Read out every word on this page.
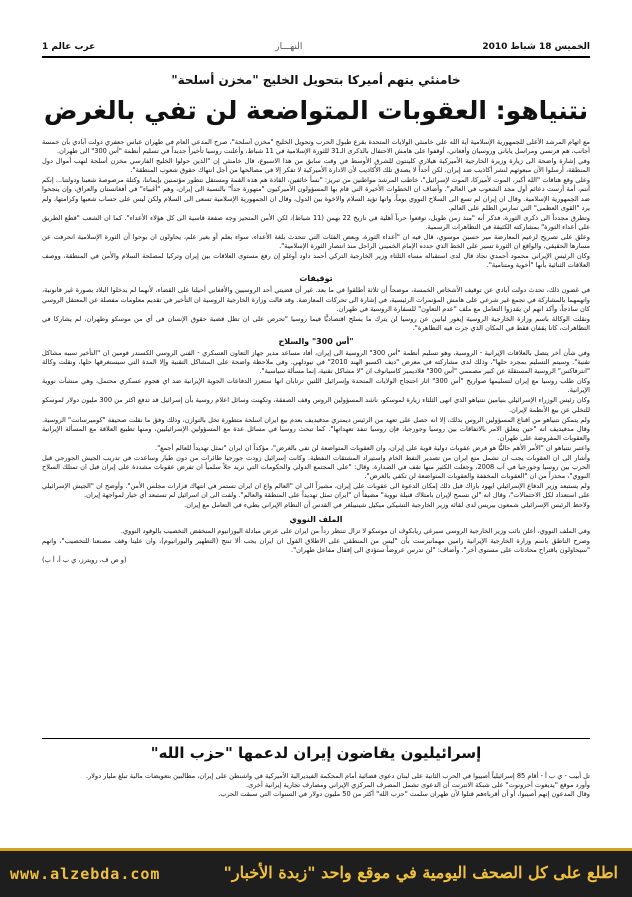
الخميس 18 شباط 2010
النهـــار
عرب عالم 1
خامنئي يتهم أميركا بتحويل الخليج "مخزن أسلحة"
نتنياهو: العقوبات المتواضعة لن تفي بالغرض

مع اتهام المرشد الأعلى للجمهورية الإسلامية آية الله علي خامنئي الولايات المتحدة بقرع طبول الحرب وتحويل الخليج "مخزن أسلحة"، صرح المدعي العام في طهران عباس جعفري دولت آبادي بأن خمسة أجانب، هم فرنسي ومراسل ياباني وروسيان وأفغاني، أوقفوا على هامش الاحتفال بالذكرى الـ31 للثورة الإسلامية في 11 شباط، وأعلنت روسيا تأخيراً جديداً في تسليم أنظمة "أس 300" الى طهران.

وفي إشارة واضحة الى زيارة وزيرة الخارجية الأميركية هيلاري كلينتون للشرق الأوسط في وقت سابق من هذا الاسبوع، قال خامنئي إن "الذين حولوا الخليج الفارسي مخزن أسلحة لنهب أموال دول المنطقة، أرسلوا الآن مبعوثهم لنشر أكاذيب ضد إيران. لكن أحداً لا يصدق تلك الأكاذيب لأن الادارة الأميركية لا تفكر إلا في مصالحها من أجل انتهاك حقوق شعوب المنطقة".

وعلى وقع هتافات "الله أكبر، الموت لأميركا، الموت لإسرائيل"، خاطب المرشد مواطنين من تبريز: "نسأ خائفين، القادة هم هذه القمة ومستقل نتطور مؤتمنين بإيماننا، وكتلة مرصوصة شعبنا ودولتنا... إنكم أنتم، أمة أرست دعائم أول مجد الشعوب في العالم". وأضاف ان الخطوات الأخيرة التي قام بها المسؤولون الأميركيون "متهورة جداً" بالنسبة الى إيران، وهم "أغبياء" في أفغانستان والعراق، وإن ينجحوا ضد الجمهورية الإسلامية. وقال ان إيران لم تسع الى السلاح النووي يوماً، وانها تؤيد السلام والاخوة بين الدول، وقال ان الجمهورية الإسلامية تسعى الى السلام ولكن ليس على حساب شعبها وكرامتها، ولم يرد "القوى العظمى" التي تمارس الظلم على العالم.

وتطرق مجدداً الى ذكرى الثورة، فذكر أنه "منذ زمن طويل، توقعوا حرباً أهلية في تاريخ 22 بهمن (11 شباط)، لكن الأمن المتحيز وجه صفعة قاسية الى كل هؤلاء الأعداء". كما ان الشعب "قطع الطريق على أعداء الثورة" بمشاركته الكثيفة في التظاهرات الرسمية.

وعلق على تصريح لزعيم المعارضة مير حسين موسوي، قال فيه ان "أعداء الثورة، وبعض الفئات التي تتحدث بلغة الأعداء، سواء بعلم أو بغير علم، يحاولون ان يوحوا أن الثورة الإسلامية انحرفت عن مسارها الحقيقي، والواقع ان الثورة تسير على الخط الذي حدده الإمام الخميني الراحل منذ انتصار الثورة الإسلامية".

وكان الرئيس الإيراني محمود أحمدي نجاد قال لدى استقباله مساء الثلثاء وزير الخارجية التركي أحمد داود أوغلو إن رفع مستوى العلاقات بين إيران وتركيا لمصلحة السلام والأمن في المنطقة، ووصف العلاقات الثنائية بأنها "أخوية ومتنامية".

توقيفات

في غضون ذلك، تحدث دولت آبادي عن توقيف الأشخاص الخمسة، موضحاً أن ثلاثة أطلقوا في ما بعد. غير أن قضيتي أحد الروسيين والأفغاني أحيلتا على القضاء، لأنهما لم يدخلوا البلاد بصورة غير قانونية، واتهمهما بالمشاركة في تجمع غير شرعي على هامش المؤتمرات الرئيسية، في إشارة الى تحركات المعارضة. وقد قالت وزارة الخارجية الروسية ان التأخير في تقديم معلومات مفصلة عن المعتقل الروسي كان ساذجاً، وأكد انهم لن يقدروا التعامل مع ملف "عدم التعاون" للسفارة الروسية في طهران.

ونقلت الوكالة باسم وزارة الخارجية الروسية إيغور ليابين عن روسيا لن يترك ما يسلح اقتصاديًّا فيما روسيا "تحرص على ان تظل قضية حقوق الإنسان في أي من موسكو وطهران، لم يشاركا في التظاهرات، كانا يقفان فقط في المكان الذي جرت فيه التظاهرة".

"أس 300" والسلاح

وفي شأن آخر يتصل بالعلاقات الإيرانية - الروسية، وهو تسليم أنظمة "أس 300" الروسية الى إيران، أفاد مساعد مدير جهاز التعاون العسكري - الفني الروسي الكسندر فومين ان "التأخير سببه مشاكل تقنية". وسيتم التسليم بمجرد حلها"، وذلك لدى مشاركته في معرض "ديف اكسبو الهند 2010" في نيودلهي. وفي ملاحظة واضحة على المشاكل التقنية وإلا المدة التي سيستغرقها حلها، ونقلت وكالة "انترفاكس" الروسية المستقلة عن كبير مصممي "أس 300" قلاديمير كاسيانوف ان "لا مشاكل تقنية، إنما مسألة سياسية".

وكان طلب روسيا مع إيران لتسليمها صواريخ "أس 300" اثار احتجاج الولايات المتحدة وإسرائيل اللتين ترتابان انها ستعزز الدفاعات الجوية الإيرانية ضد اي هجوم عسكري محتمل، وهي منشآت نووية الإيرانية.

وكان رئيس الوزراء الإسرائيلي بنيامين نتنياهو الذي انهى الثلثاء زيارة لموسكو، ناشد المسؤولين الروس وقف الصفقة، وتكهنت وسائل اعلام روسية بأن إسرائيل قد تدفع اكثر من 300 مليون دولار لموسكو للتخلي عن بيع الأنظمة لإيران.

ولم يتمكن نتنياهو من اقناع المسؤولين الروس بذلك، إلا انه حصل على تعهد من الرئيس ديمتري مدفيديف بعدم بيع ايران اسلحة متطورة تخل بالتوازن، وذلك وفق ما نقلت صحيفة "كوميرسانت" الروسية. وقال مدفيديف انه "حين يتعلق الامر بالاتفاقات بين روسيا وجورجيا، فإن روسيا تنفذ تعهداتها". كما تبحث روسيا في مسائل عدة مع المسؤولين الإسرائيليين، ومنها تطبيع العلاقة مع المسألة الإيرانية والعقوبات المفروضة على طهران.

واعتبر نتنياهو ان "الأمر الأهم حاليًّا هو فرض عقوبات دولية قوية على إيران، وان العقوبات المتواضعة لن تفي بالغرض"، مؤكداً ان ايران "تمثل تهديداً للعالم أجمع".

وأشار الى ان العقوبات يجب ان تشمل منع ايران من تصدير النفط الخام واستيراد المشتقات النفطية. وكانت إسرائيل زودت جورجيا طائرات من دون طيار وساعدت في تدريب الجيش الجورجي قبل الحرب بين روسيا وجورجيا في آب 2008، وجعلت الكثير منها تقف في الصدارة. وقال: "على المجتمع الدولي والحكومات التي تريد حلاً سلمياً ان تفرض عقوبات مشددة على إيران قبل ان تمتلك السلاح النووي"، محذراً من ان "العقوبات المخففة والعقوبات المتواضعة لن تكفي بالغرض".

ولم يستبعد وزير الدفاع الإسرائيلي ايهود باراك قبل ذلك إمكان الدعوة الى عقوبات على إيران، مشيراً الى ان "العالم واع ان ايران تستمر في انتهاك قرارات مجلس الأمن". وأوضح ان "الجيش الإسرائيلي على استعداد لكل الاحتمالات"، وقال انه "لن نسمح لإيران بامتلاك قنبلة نووية" مضيفاً ان "ايران تمثل تهديداً على المنطقة والعالم". ولفت الى ان اسرائيل لم تستبعد أي خيار لمواجهة إيران.

ولاحظ الرئيس الإسرائيلي شمعون بيريس لدى لقائه وزير الخارجية التشيكي ميكيل شينبيلغر في القدس أن النظام الإيراني بطيء في التعامل مع إيران.

الملف النووي

وفي الملف النووي، أعلن نائب وزير الخارجية الروسي سيرغي ريابكوف ان موسكو لا تزال تنتظر رداً من ايران على عرض مبادلة اليورانيوم المنخفض التخصيب بالوقود النووي.

وصرح الناطق باسم وزارة الخارجية الإيرانية رامين مهمانبرست بأن "ليس من المنطقي على الاطلاق القول ان ايران يجب ألا تنتج (التطهير واليورانيوم)، وان علينا وقف مصنعنا للتخصيب"، وانهم "سيحاولون باقتراح محادثات على مستوى آخر". وأضاف: "لن ندرس عروضاً ستؤدي الى إقفال مفاعل طهران".

(و ص ف، رويترز، ي ب أ، أ ب)

إسرائيليون يقاضون إيران لدعمها "حزب الله"

تل أبيب - ي ب أ - أقام 85 إسرائيلياً أصيبوا في الحرب الثانية على لبنان دعوى قضائية أمام المحكمة الفيديرالية الأميركية في واشنطن على إيران، مطالبين بتعويضات مالية تبلغ مليار دولار.

وأورد موقع "يديعوت أحرونوت" على شبكة الانترنت أن الدعوى تشمل المصرف المركزي الإيراني ومصارف تجارية إيرانية أخرى.

وقال المدعون إنهم أصيبوا، أو أن أقرباءهم قتلوا لأن طهران سلمت "حزب الله" أكثر من 50 مليون دولار في السنوات التي سبقت الحرب.

اطلع على كل الصحف اليومية في موقع واحد "زبدة الأخبار"
www.alzebda.com
